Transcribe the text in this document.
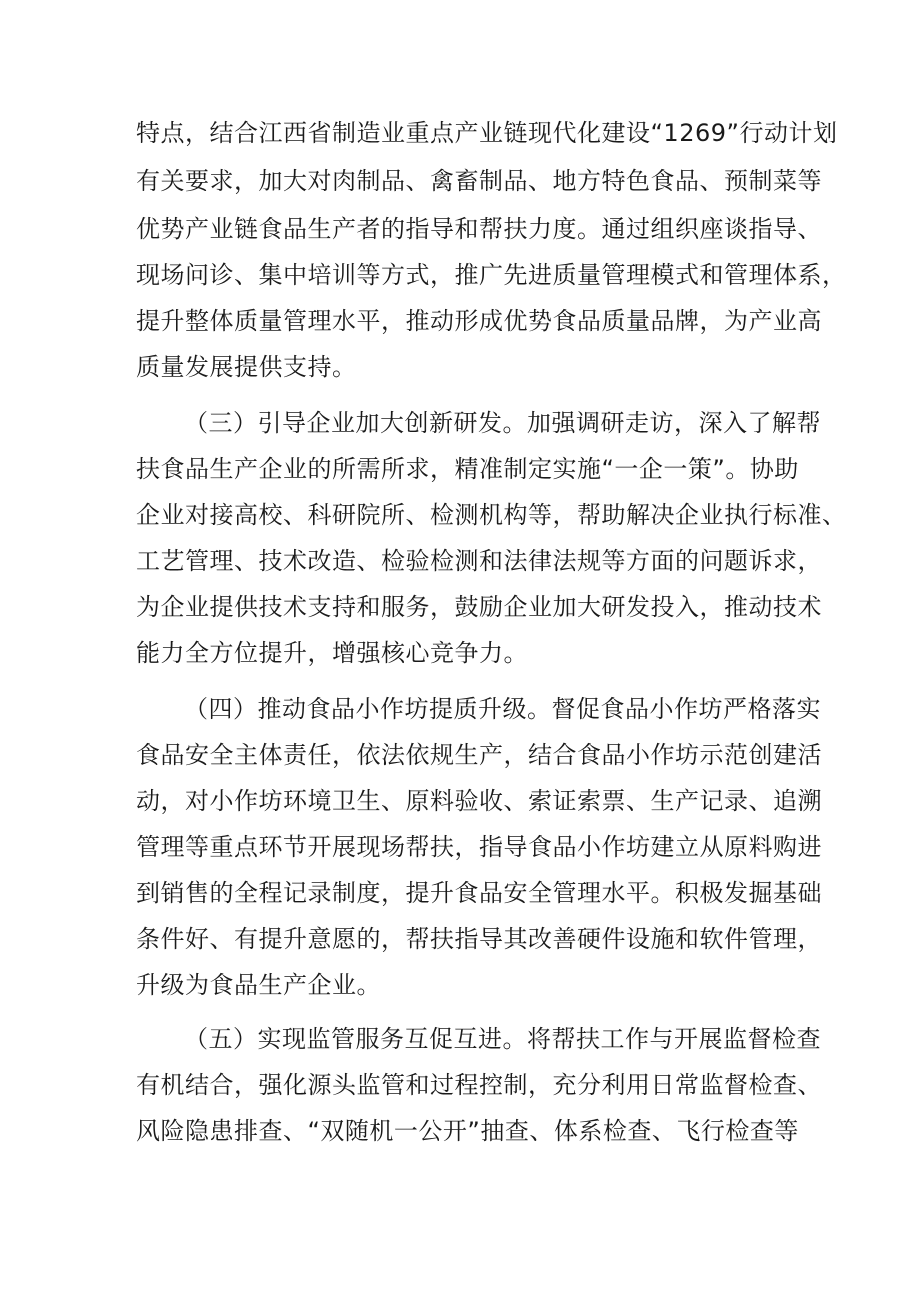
特点，结合江西省制造业重点产业链现代化建设“1269”行动计划
有关要求，加大对肉制品、禽畜制品、地方特色食品、预制菜等
优势产业链食品生产者的指导和帮扶力度。通过组织座谈指导、
现场问诊、集中培训等方式，推广先进质量管理模式和管理体系，
提升整体质量管理水平，推动形成优势食品质量品牌，为产业高
质量发展提供支持。
（三）引导企业加大创新研发。加强调研走访，深入了解帮
扶食品生产企业的所需所求，精准制定实施“一企一策”。协助
企业对接高校、科研院所、检测机构等，帮助解决企业执行标准、
工艺管理、技术改造、检验检测和法律法规等方面的问题诉求，
为企业提供技术支持和服务，鼓励企业加大研发投入，推动技术
能力全方位提升，增强核心竞争力。
（四）推动食品小作坊提质升级。督促食品小作坊严格落实
食品安全主体责任，依法依规生产，结合食品小作坊示范创建活
动，对小作坊环境卫生、原料验收、索证索票、生产记录、追溯
管理等重点环节开展现场帮扶，指导食品小作坊建立从原料购进
到销售的全程记录制度，提升食品安全管理水平。积极发掘基础
条件好、有提升意愿的，帮扶指导其改善硬件设施和软件管理，
升级为食品生产企业。
（五）实现监管服务互促互进。将帮扶工作与开展监督检查
有机结合，强化源头监管和过程控制，充分利用日常监督检查、
风险隐患排查、“双随机一公开”抽查、体系检查、飞行检查等
